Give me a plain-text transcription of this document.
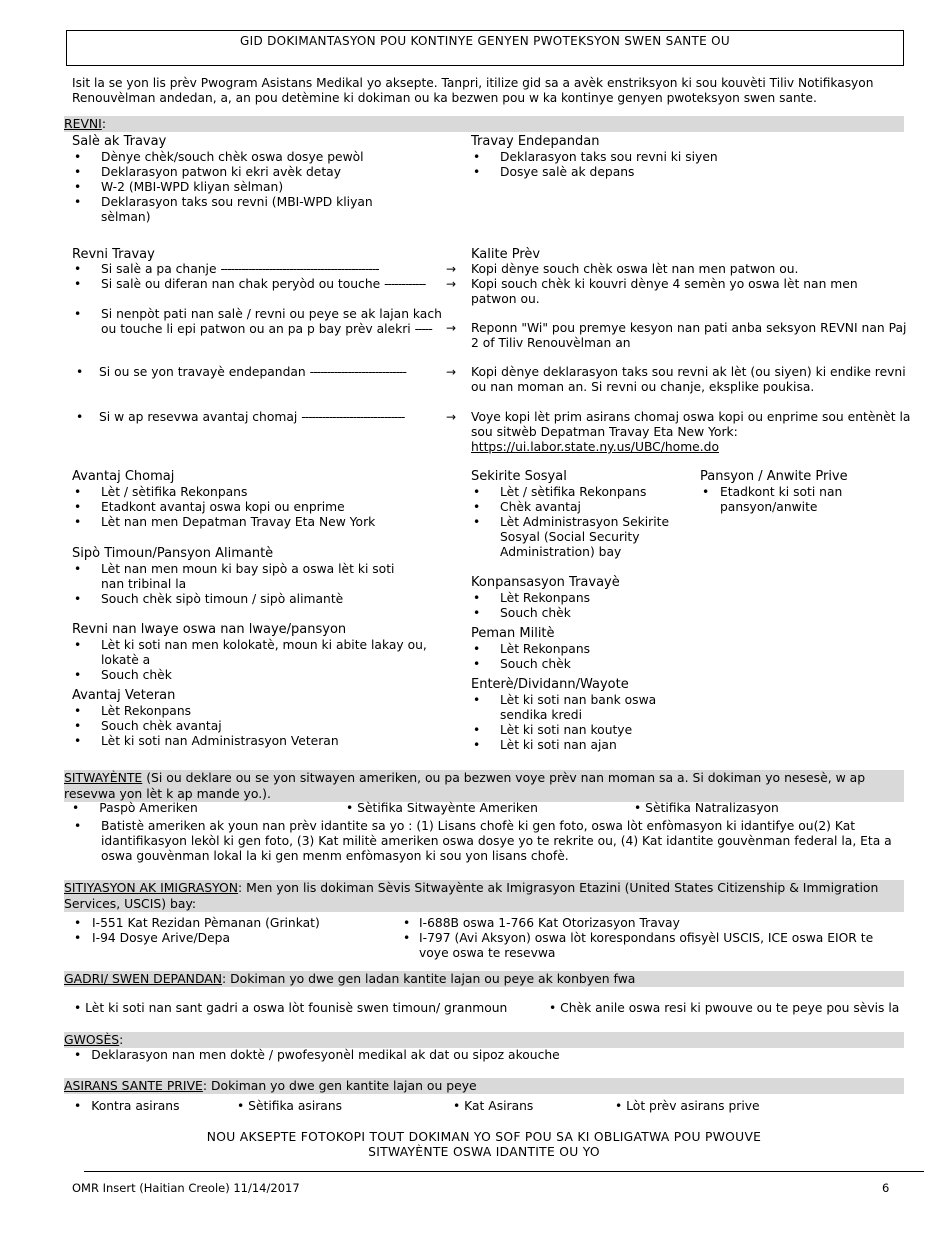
GID DOKIMANTASYON POU KONTINYE GENYEN PWOTEKSYON SWEN SANTE OU
Isit la se yon lis prèv Pwogram Asistans Medikal yo aksepte. Tanpri, itilize gid sa a avèk enstriksyon ki sou kouvèti Tiliv Notifikasyon Renouvèlman andedan, a, an pou detèmine ki dokiman ou ka bezwen pou w ka kontinye genyen pwoteksyon swen sante.
REVNI:

Salè ak Travay

• Dènye chèk/souch chèk oswa dosye pewòl
• Deklarasyon patwon ki ekri avèk detay
• W-2 (MBI-WPD kliyan sèlman)
• Deklarasyon taks sou revni (MBI-WPD kliyan sèlman)

Travay Endepandan

• Deklarasyon taks sou revni ki siyen
• Dosye salè ak depans

Revni Travay	Kalite Prèv

• Si salè a pa chanje ----------------------------------------------	→ Kopi dènye souch chèk oswa lèt nan men patwon ou.
• Si salè ou diferan nan chak peryòd ou touche ------------	→ Kopi souch chèk ki kouvri dènye 4 semèn yo oswa lèt nan men patwon ou.
• Si nenpòt pati nan salè / revni ou peye se ak lajan kach ou touche li epi patwon ou an pa p bay prèv alekri -----	→ Reponn "Wi" pou premye kesyon nan pati anba seksyon REVNI nan Paj 2 of Tiliv Renouvèlman an
• Si ou se yon travayè endepandan ----------------------------	→ Kopi dènye deklarasyon taks sou revni ak lèt (ou siyen) ki endike revni ou nan moman an. Si revni ou chanje, eksplike poukisa.
• Si w ap resevwa avantaj chomaj ------------------------------	→ Voye kopi lèt prim asirans chomaj oswa kopi ou enprime sou entènèt la sou sitwèb Depatman Travay Eta New York:
https://ui.labor.state.ny.us/UBC/home.do

Avantaj Chomaj

• Lèt / sètifika Rekonpans
• Etadkont avantaj oswa kopi ou enprime
• Lèt nan men Depatman Travay Eta New York

Sipò Timoun/Pansyon Alimantè

• Lèt nan men moun ki bay sipò a oswa lèt ki soti nan tribinal la
• Souch chèk sipò timoun / sipò alimantè

Revni nan lwaye oswa nan lwaye/pansyon

• Lèt ki soti nan men kolokatè, moun ki abite lakay ou, lokatè a
• Souch chèk

Avantaj Veteran

• Lèt Rekonpans
• Souch chèk avantaj
• Lèt ki soti nan Administrasyon Veteran

Sekirite Sosyal

• Lèt / sètifika Rekonpans
• Chèk avantaj
• Lèt Administrasyon Sekirite Sosyal (Social Security Administration) bay

Konpansasyon Travayè

• Lèt Rekonpans
• Souch chèk

Peman Militè

• Lèt Rekonpans
• Souch chèk

Enterè/Dividann/Wayote

• Lèt ki soti nan bank oswa sendika kredi
• Lèt ki soti nan koutye
• Lèt ki soti nan ajan

Pansyon / Anwite Prive

• Etadkont ki soti nan pansyon/anwite
SITWAYÈNTE (Si ou deklare ou se yon sitwayen ameriken, ou pa bezwen voye prèv nan moman sa a. Si dokiman yo nesesè, w ap resevwa yon lèt k ap mande yo.).
• Paspò Ameriken	• Sètifika Sitwayènte Ameriken	• Sètifika Natralizasyon
• Batistè ameriken ak youn nan prèv idantite sa yo : (1) Lisans chofè ki gen foto, oswa lòt enfòmasyon ki idantifye ou(2) Kat idantifikasyon lekòl ki gen foto, (3) Kat militè ameriken oswa dosye yo te rekrite ou, (4) Kat idantite gouvènman federal la, Eta a oswa gouvènman lokal la ki gen menm enfòmasyon ki sou yon lisans chofè.
SITIYASYON AK IMIGRASYON: Men yon lis dokiman Sèvis Sitwayènte ak Imigrasyon Etazini (United States Citizenship & Immigration Services, USCIS) bay:
• I-551 Kat Rezidan Pèmanan (Grinkat)
• I-94 Dosye Arive/Depa
• I-688B oswa 1-766 Kat Otorizasyon Travay
• I-797 (Avi Aksyon) oswa lòt korespondans ofisyèl USCIS, ICE oswa EIOR te voye oswa te resevwa
GADRI/ SWEN DEPANDAN: Dokiman yo dwe gen ladan kantite lajan ou peye ak konbyen fwa
• Lèt ki soti nan sant gadri a oswa lòt founisè swen timoun/ granmoun	• Chèk anile oswa resi ki pwouve ou te peye pou sèvis la
GWOSÈS:
• Deklarasyon nan men doktè / pwofesyonèl medikal ak dat ou sipoz akouche
ASIRANS SANTE PRIVE: Dokiman yo dwe gen kantite lajan ou peye
• Kontra asirans	• Sètifika asirans	• Kat Asirans	• Lòt prèv asirans prive
NOU AKSEPTE FOTOKOPI TOUT DOKIMAN YO SOF POU SA KI OBLIGATWA POU PWOUVE
SITWAYÈNTE OSWA IDANTITE OU YO
OMR Insert (Haitian Creole) 11/14/2017	6
